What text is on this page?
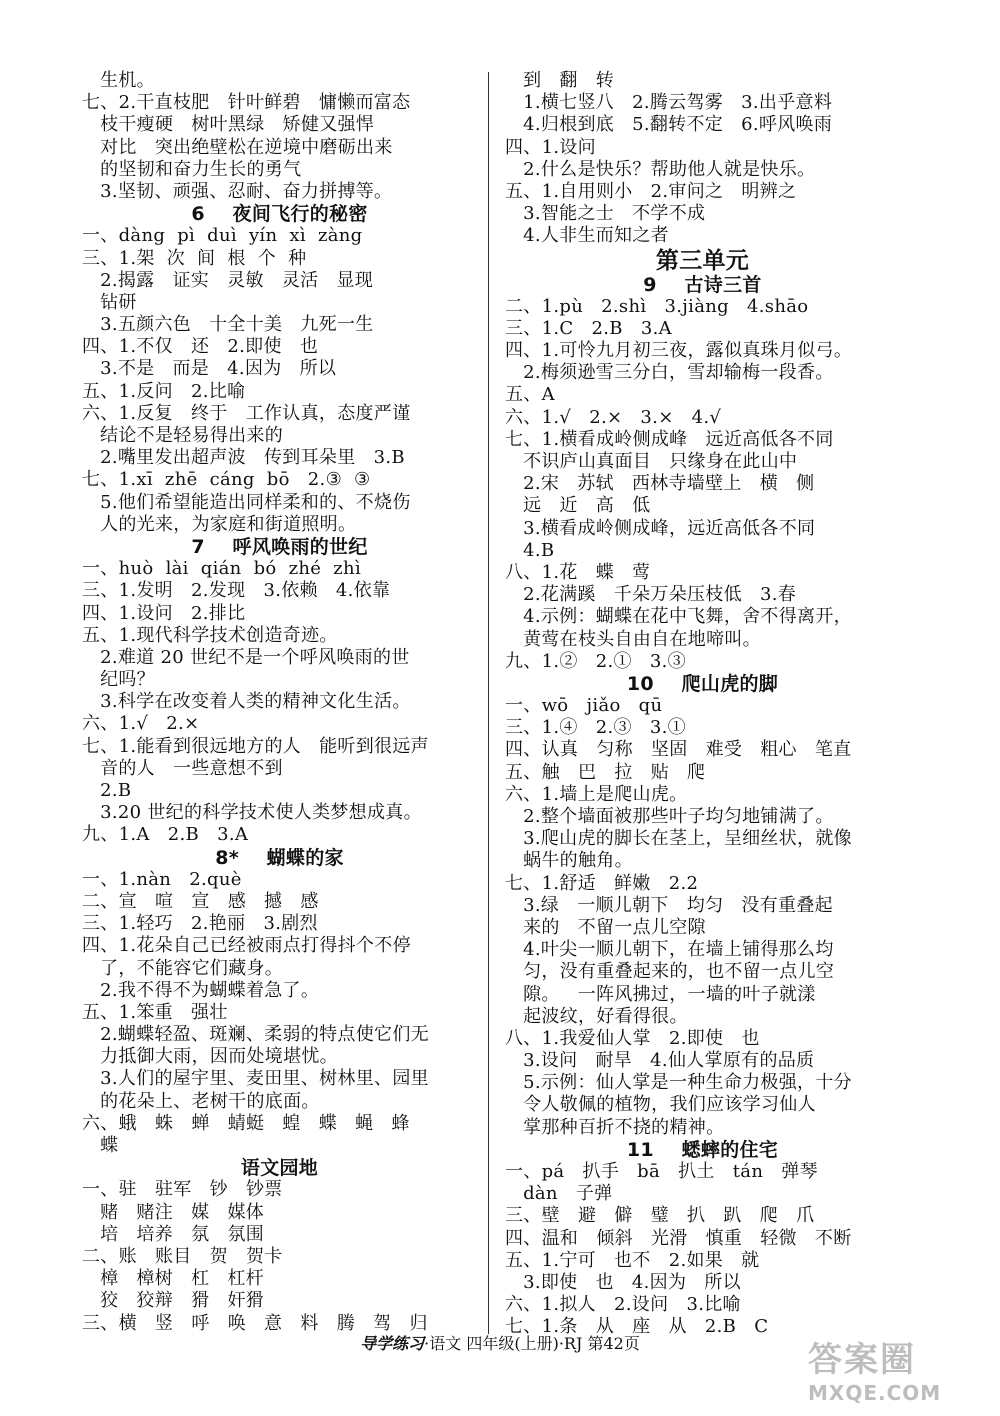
生机。
七、2.干直枝肥   针叶鲜碧   慵懒而富态
枝干瘦硬   树叶黑绿   矫健又强悍
对比   突出绝壁松在逆境中磨砺出来
的坚韧和奋力生长的勇气
3.坚韧、顽强、忍耐、奋力拼搏等。
6    夜间飞行的秘密
一、dàng  pì  duì  yín  xì  zàng
三、1.架  次  间  根  个  种
2.揭露   证实   灵敏   灵活   显现
钻研
3.五颜六色   十全十美   九死一生
四、1.不仅   还   2.即使   也
3.不是   而是   4.因为   所以
五、1.反问   2.比喻
六、1.反复   终于   工作认真，态度严谨
结论不是轻易得出来的
2.嘴里发出超声波   传到耳朵里   3.B
七、1.xī  zhē  cáng  bō   2.③  ③
5.他们希望能造出同样柔和的、不烧伤
人的光来，为家庭和街道照明。
7    呼风唤雨的世纪
一、huò  lài  qián  bó  zhé  zhì
三、1.发明   2.发现   3.依赖   4.依靠
四、1.设问   2.排比
五、1.现代科学技术创造奇迹。
2.难道 20 世纪不是一个呼风唤雨的世
纪吗？
3.科学在改变着人类的精神文化生活。
六、1.√   2.×
七、1.能看到很远地方的人   能听到很远声
音的人   一些意想不到
2.B
3.20 世纪的科学技术使人类梦想成真。
九、1.A   2.B   3.A
8*    蝴蝶的家
一、1.nàn   2.què
二、宣   喧   宣   感   撼   感
三、1.轻巧   2.艳丽   3.剧烈
四、1.花朵自己已经被雨点打得抖个不停
了，不能容它们藏身。
2.我不得不为蝴蝶着急了。
五、1.笨重   强壮
2.蝴蝶轻盈、斑斓、柔弱的特点使它们无
力抵御大雨，因而处境堪忧。
3.人们的屋宇里、麦田里、树林里、园里
的花朵上、老树干的底面。
六、蛾   蛛   蝉   蜻蜓   蝗   蝶   蝇   蜂
蝶
语文园地
一、驻   驻军   钞   钞票
赌   赌注   媒   媒体
培   培养   氛   氛围
二、账   账目   贺   贺卡
樟   樟树   杠   杠杆
狡   狡辩   猾   奸猾
三、横   竖   呼   唤   意   料   腾   驾   归
到   翻   转
1.横七竖八   2.腾云驾雾   3.出乎意料
4.归根到底   5.翻转不定   6.呼风唤雨
四、1.设问
2.什么是快乐？帮助他人就是快乐。
五、1.自用则小   2.审问之   明辨之
3.智能之士   不学不成
4.人非生而知之者
第三单元
9    古诗三首
二、1.pù   2.shì   3.jiàng   4.shāo
三、1.C   2.B   3.A
四、1.可怜九月初三夜，露似真珠月似弓。
2.梅须逊雪三分白，雪却输梅一段香。
五、A
六、1.√   2.×   3.×   4.√
七、1.横看成岭侧成峰   远近高低各不同
不识庐山真面目   只缘身在此山中
2.宋   苏轼   西林寺墙壁上   横   侧
远   近   高   低
3.横看成岭侧成峰，远近高低各不同
4.B
八、1.花   蝶   莺
2.花满蹊   千朵万朵压枝低   3.春
4.示例：蝴蝶在花中飞舞，舍不得离开，
黄莺在枝头自由自在地啼叫。
九、1.②   2.①   3.③
10    爬山虎的脚
一、wō   jiǎo   qū
三、1.④   2.③   3.①
四、认真   匀称   坚固   难受   粗心   笔直
五、触   巴   拉   贴   爬
六、1.墙上是爬山虎。
2.整个墙面被那些叶子均匀地铺满了。
3.爬山虎的脚长在茎上，呈细丝状，就像
蜗牛的触角。
七、1.舒适   鲜嫩   2.2
3.绿   一顺儿朝下   均匀   没有重叠起
来的   不留一点儿空隙
4.叶尖一顺儿朝下，在墙上铺得那么均
匀，没有重叠起来的，也不留一点儿空
隙。   一阵风拂过，一墙的叶子就漾
起波纹，好看得很。
八、1.我爱仙人掌   2.即使   也
3.设问   耐旱   4.仙人掌原有的品质
5.示例：仙人掌是一种生命力极强，十分
令人敬佩的植物，我们应该学习仙人
掌那种百折不挠的精神。
11    蟋蟀的住宅
一、pá   扒手   bā   扒土   tán   弹琴
dàn   子弹
三、壁   避   僻   璧   扒   趴   爬   爪
四、温和   倾斜   光滑   慎重   轻微   不断
五、1.宁可   也不   2.如果   就
3.即使   也   4.因为   所以
六、1.拟人   2.设问   3.比喻
七、1.条   从   座   从   2.B   C
导学练习·语文 四年级(上册)·RJ 第42页	答案圈
MXQE.COM
